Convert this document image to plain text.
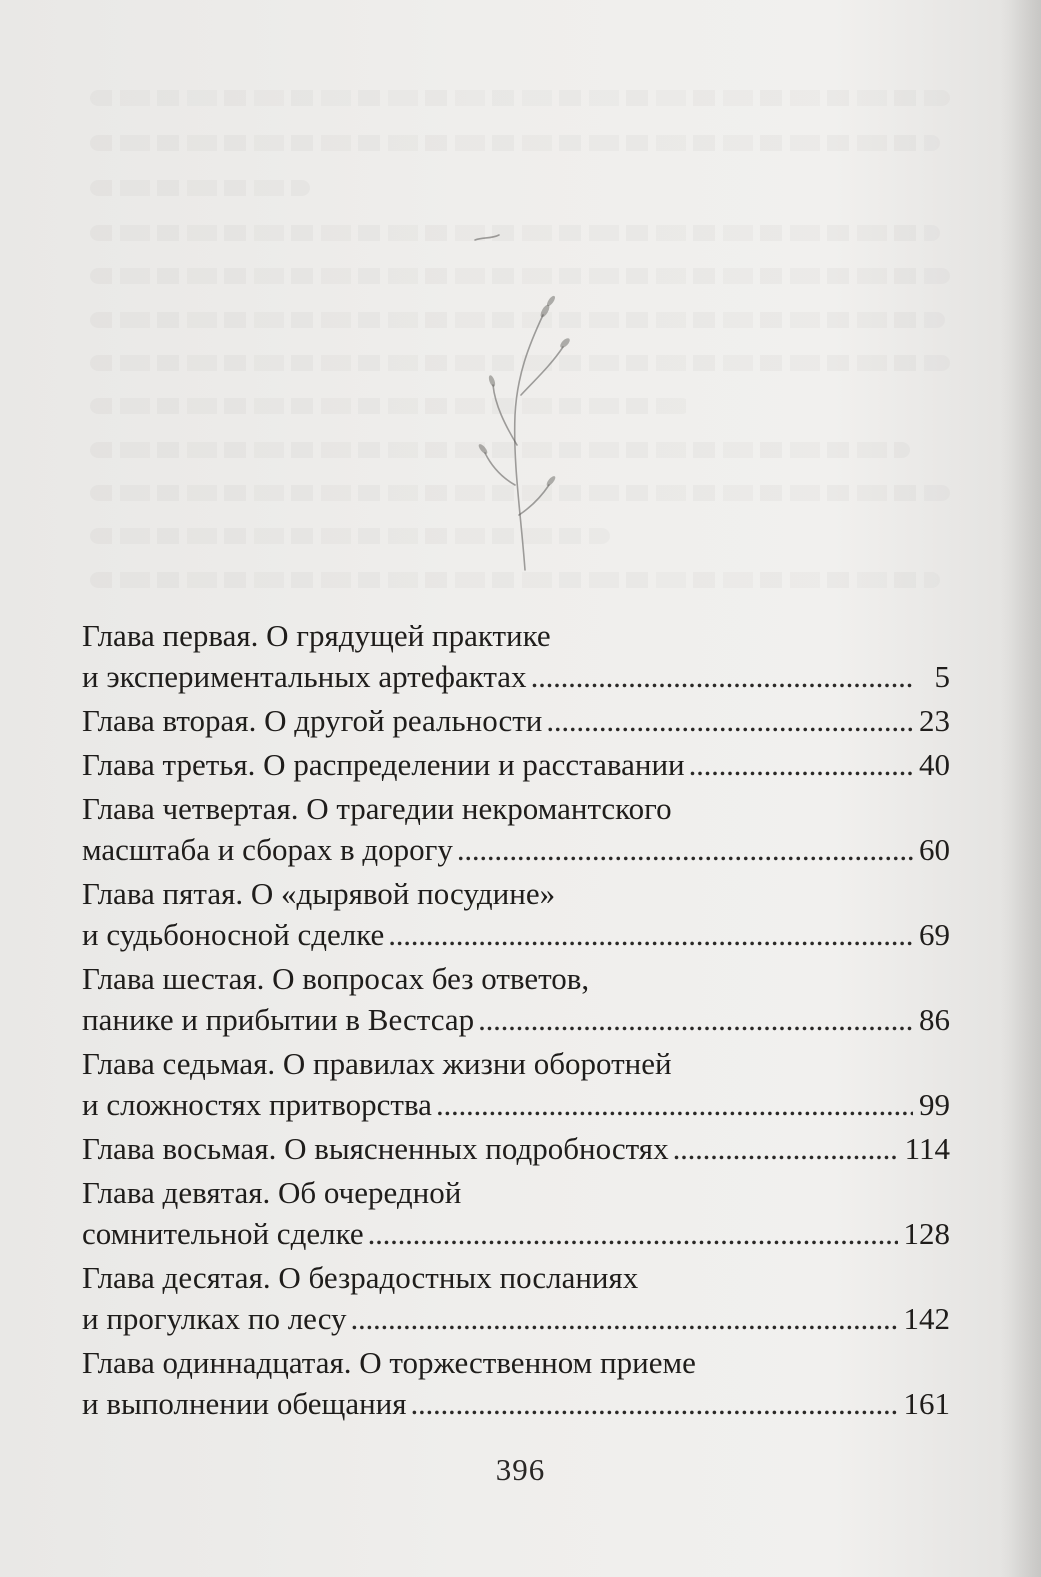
Глава первая. О грядущей практике
и экспериментальных артефактах . . .	5
Глава вторая. О другой реальности . . .	23
Глава третья. О распределении и расставании . . .	40
Глава четвертая. О трагедии некромантского
масштаба и сборах в дорогу . . .	60
Глава пятая. О «дырявой посудине»
и судьбоносной сделке . . .	69
Глава шестая. О вопросах без ответов,
панике и прибытии в Вестсар . . .	86
Глава седьмая. О правилах жизни оборотней
и сложностях притворства . . .	99
Глава восьмая. О выясненных подробностях . . .	114
Глава девятая. Об очередной
сомнительной сделке . . .	128
Глава десятая. О безрадостных посланиях
и прогулках по лесу . . .	142
Глава одиннадцатая. О торжественном приеме
и выполнении обещания . . .	161
396
